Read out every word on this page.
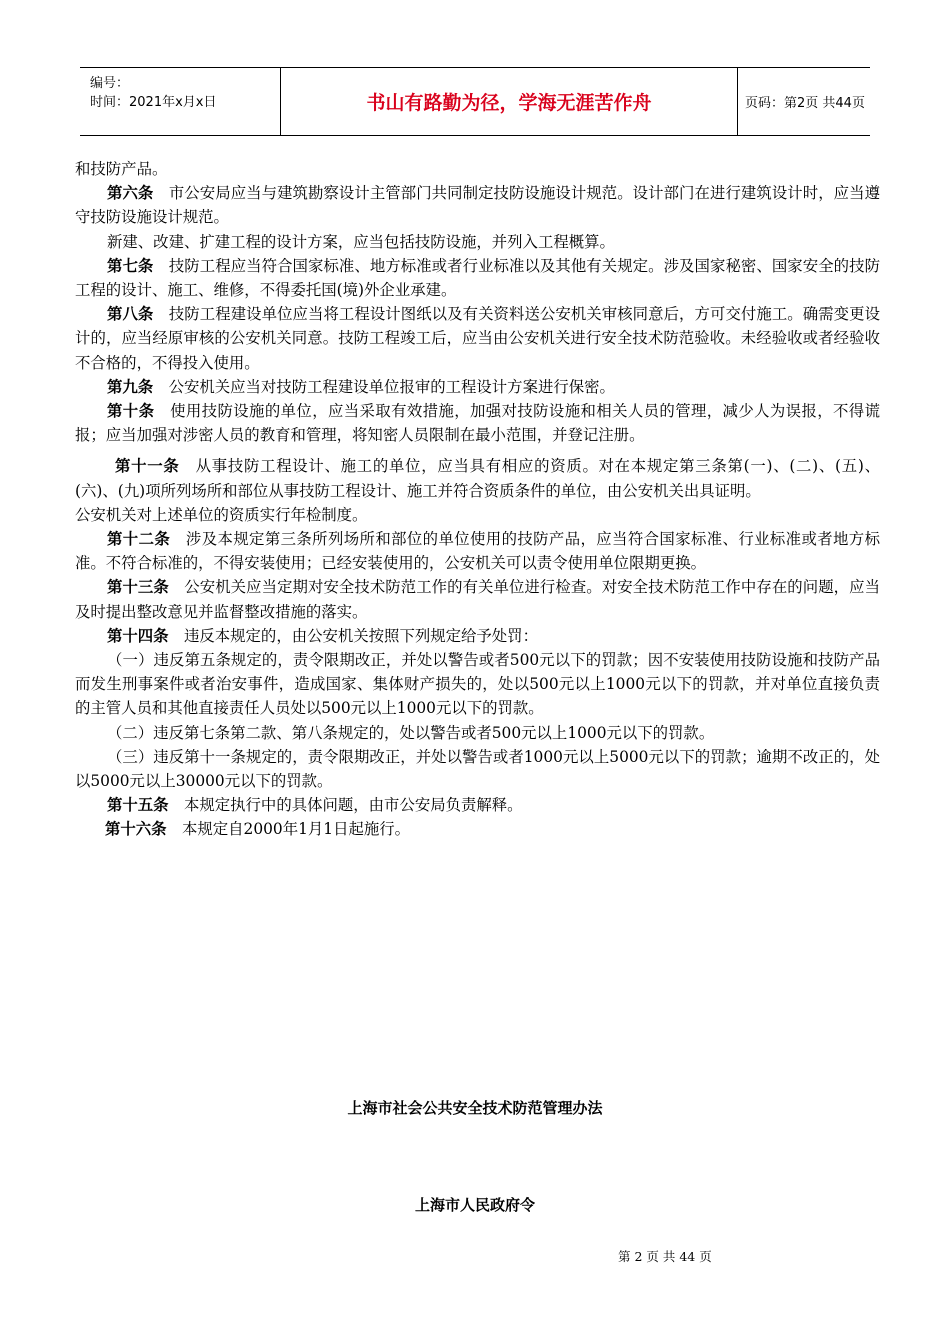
编号：
时间：2021年x月x日	书山有路勤为径，学海无涯苦作舟	页码：第2页 共44页

和技防产品。

第六条　市公安局应当与建筑勘察设计主管部门共同制定技防设施设计规范。设计部门在进行建筑设计时，应当遵守技防设施设计规范。

新建、改建、扩建工程的设计方案，应当包括技防设施，并列入工程概算。

第七条　技防工程应当符合国家标准、地方标准或者行业标准以及其他有关规定。涉及国家秘密、国家安全的技防工程的设计、施工、维修，不得委托国(境)外企业承建。

第八条　技防工程建设单位应当将工程设计图纸以及有关资料送公安机关审核同意后，方可交付施工。确需变更设计的，应当经原审核的公安机关同意。技防工程竣工后，应当由公安机关进行安全技术防范验收。未经验收或者经验收不合格的，不得投入使用。

第九条　公安机关应当对技防工程建设单位报审的工程设计方案进行保密。

第十条　使用技防设施的单位，应当采取有效措施，加强对技防设施和相关人员的管理，减少人为误报，不得谎报；应当加强对涉密人员的教育和管理，将知密人员限制在最小范围，并登记注册。

第十一条　从事技防工程设计、施工的单位，应当具有相应的资质。对在本规定第三条第(一)、(二)、(五)、(六)、(九)项所列场所和部位从事技防工程设计、施工并符合资质条件的单位，由公安机关出具证明。

公安机关对上述单位的资质实行年检制度。

第十二条　涉及本规定第三条所列场所和部位的单位使用的技防产品，应当符合国家标准、行业标准或者地方标准。不符合标准的，不得安装使用；已经安装使用的，公安机关可以责令使用单位限期更换。

第十三条　公安机关应当定期对安全技术防范工作的有关单位进行检查。对安全技术防范工作中存在的问题，应当及时提出整改意见并监督整改措施的落实。

第十四条　违反本规定的，由公安机关按照下列规定给予处罚：

（一）违反第五条规定的，责令限期改正，并处以警告或者500元以下的罚款；因不安装使用技防设施和技防产品而发生刑事案件或者治安事件，造成国家、集体财产损失的，处以500元以上1000元以下的罚款，并对单位直接负责的主管人员和其他直接责任人员处以500元以上1000元以下的罚款。

（二）违反第七条第二款、第八条规定的，处以警告或者500元以上1000元以下的罚款。

（三）违反第十一条规定的，责令限期改正，并处以警告或者1000元以上5000元以下的罚款；逾期不改正的，处以5000元以上30000元以下的罚款。

第十五条　本规定执行中的具体问题，由市公安局负责解释。

第十六条　本规定自2000年1月1日起施行。

上海市社会公共安全技术防范管理办法
上海市人民政府令
第 2 页 共 44 页
